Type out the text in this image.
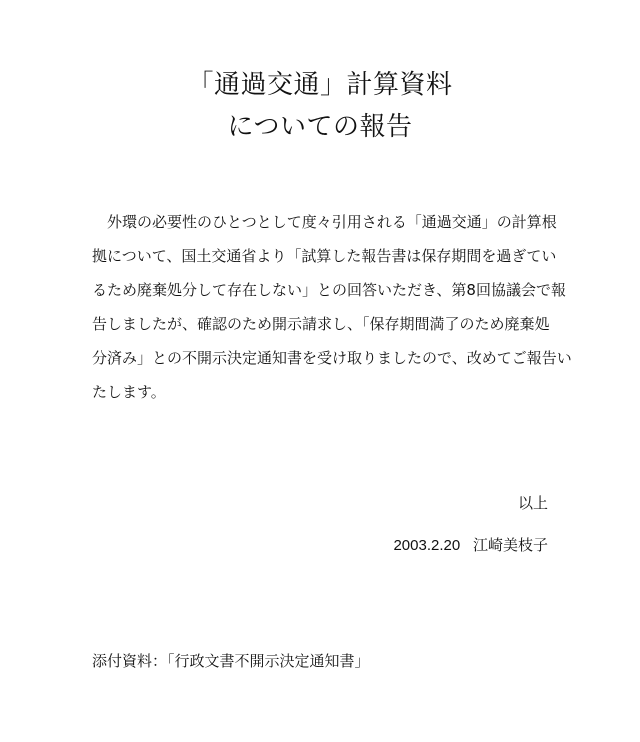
「通過交通」計算資料
についての報告
外環の必要性のひとつとして度々引用される「通過交通」の計算根
拠について、国土交通省より「試算した報告書は保存期間を過ぎてい
るため廃棄処分して存在しない」との回答いただき、第8回協議会で報
告しましたが、確認のため開示請求し、「保存期間満了のため廃棄処
分済み」との不開示決定通知書を受け取りましたので、改めてご報告い
たします。
以上
2003.2.20 江崎美枝子
添付資料：「行政文書不開示決定通知書」
